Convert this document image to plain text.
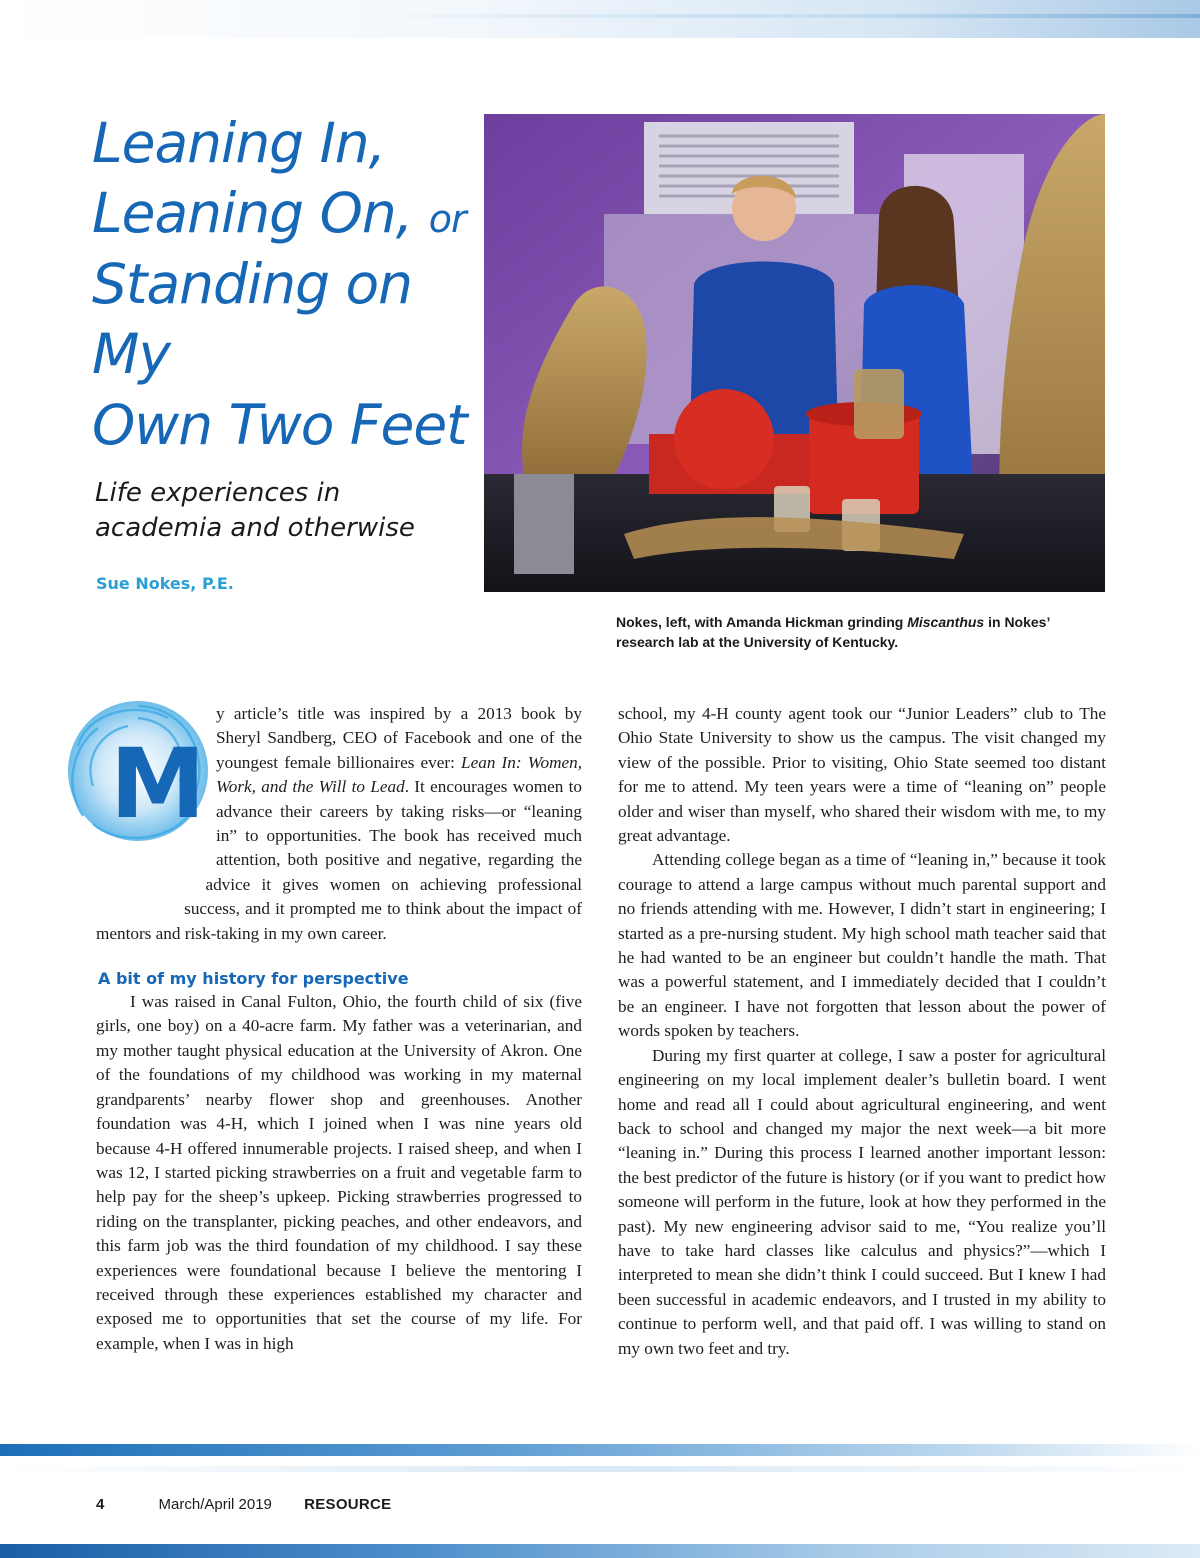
Leaning In,
Leaning On, or
Standing on My
Own Two Feet

Life experiences in academia and otherwise

Sue Nokes, P.E.

Nokes, left, with Amanda Hickman grinding Miscanthus in Nokes’ research lab at the University of Kentucky.

M

y article’s title was inspired by a 2013 book by Sheryl Sandberg, CEO of Facebook and one of the youngest female billionaires ever: Lean In: Women, Work, and the Will to Lead. It encourages women to advance their careers by taking risks—or “leaning in” to opportunities. The book has received much attention, both positive and negative, regarding the advice it gives women on achieving professional success, and it prompted me to think about the impact of mentors and risk-taking in my own career.

A bit of my history for perspective

I was raised in Canal Fulton, Ohio, the fourth child of six (five girls, one boy) on a 40-acre farm. My father was a veterinarian, and my mother taught physical education at the University of Akron. One of the foundations of my childhood was working in my maternal grandparents’ nearby flower shop and greenhouses. Another foundation was 4-H, which I joined when I was nine years old because 4-H offered innumerable projects. I raised sheep, and when I was 12, I started picking strawberries on a fruit and vegetable farm to help pay for the sheep’s upkeep. Picking strawberries progressed to riding on the transplanter, picking peaches, and other endeavors, and this farm job was the third foundation of my childhood. I say these experiences were foundational because I believe the mentoring I received through these experiences established my character and exposed me to opportunities that set the course of my life. For example, when I was in high

school, my 4-H county agent took our “Junior Leaders” club to The Ohio State University to show us the campus. The visit changed my view of the possible. Prior to visiting, Ohio State seemed too distant for me to attend. My teen years were a time of “leaning on” people older and wiser than myself, who shared their wisdom with me, to my great advantage.

Attending college began as a time of “leaning in,” because it took courage to attend a large campus without much parental support and no friends attending with me. However, I didn’t start in engineering; I started as a pre-nursing student. My high school math teacher said that he had wanted to be an engineer but couldn’t handle the math. That was a powerful statement, and I immediately decided that I couldn’t be an engineer. I have not forgotten that lesson about the power of words spoken by teachers.

During my first quarter at college, I saw a poster for agricultural engineering on my local implement dealer’s bulletin board. I went home and read all I could about agricultural engineering, and went back to school and changed my major the next week—a bit more “leaning in.” During this process I learned another important lesson: the best predictor of the future is history (or if you want to predict how someone will perform in the future, look at how they performed in the past). My new engineering advisor said to me, “You realize you’ll have to take hard classes like calculus and physics?”—which I interpreted to mean she didn’t think I could succeed. But I knew I had been successful in academic endeavors, and I trusted in my ability to continue to perform well, and that paid off. I was willing to stand on my own two feet and try.

4	March/April 2019 RESOURCE
